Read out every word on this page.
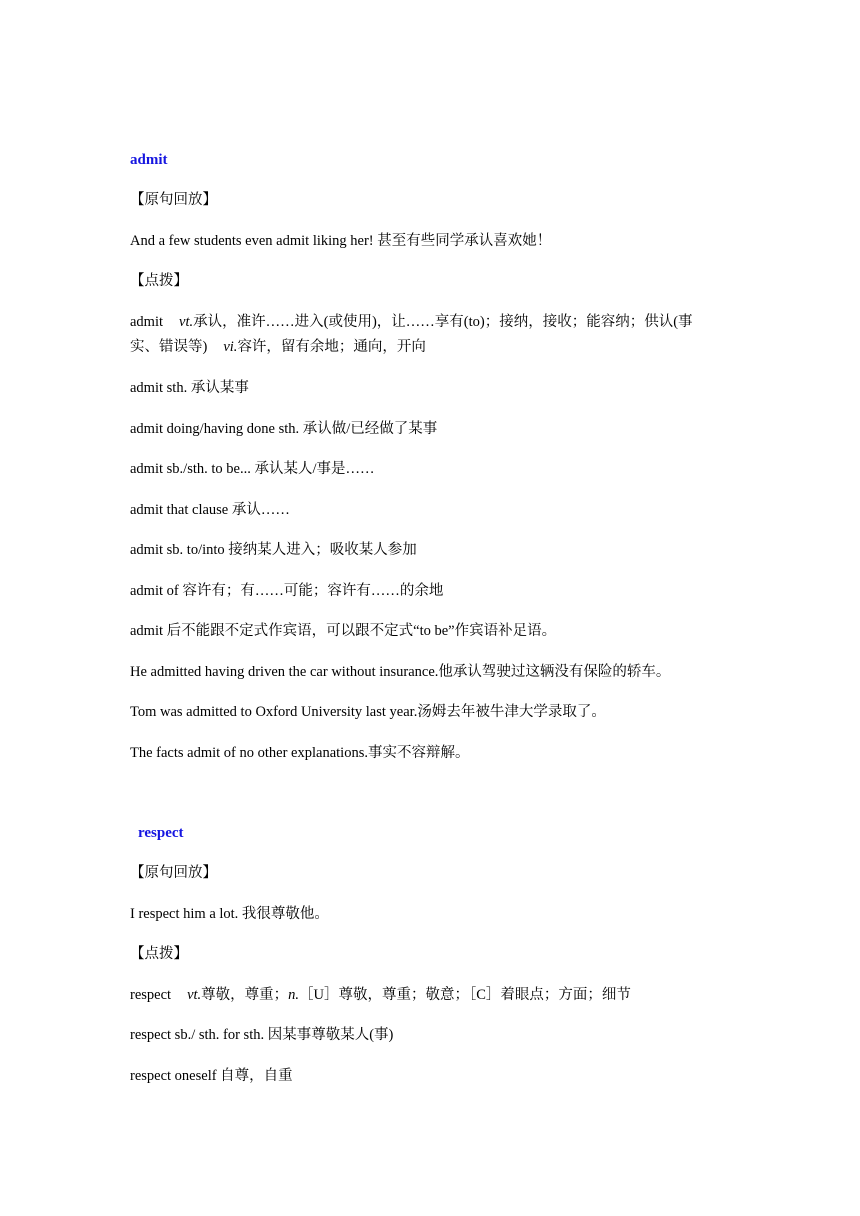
admit
【原句回放】
And a few students even admit liking her! 甚至有些同学承认喜欢她！
【点拨】
admit vt.承认，准许……进入(或使用)，让……享有(to)；接纳，接收；能容纳；供认(事
实、错误等) vi.容许，留有余地；通向，开向
admit sth. 承认某事
admit doing/having done sth. 承认做/已经做了某事
admit sb./sth. to be... 承认某人/事是……
admit that clause 承认……
admit sb. to/into 接纳某人进入；吸收某人参加
admit of 容许有；有……可能；容许有……的余地
admit 后不能跟不定式作宾语，可以跟不定式“to be”作宾语补足语。
He admitted having driven the car without insurance.他承认驾驶过这辆没有保险的轿车。
Tom was admitted to Oxford University last year.汤姆去年被牛津大学录取了。
The facts admit of no other explanations.事实不容辩解。
respect
【原句回放】
I respect him a lot. 我很尊敬他。
【点拨】
respect vt.尊敬，尊重；n.［U］尊敬，尊重；敬意；［C］着眼点；方面；细节
respect sb./ sth. for sth. 因某事尊敬某人(事)
respect oneself 自尊，自重
